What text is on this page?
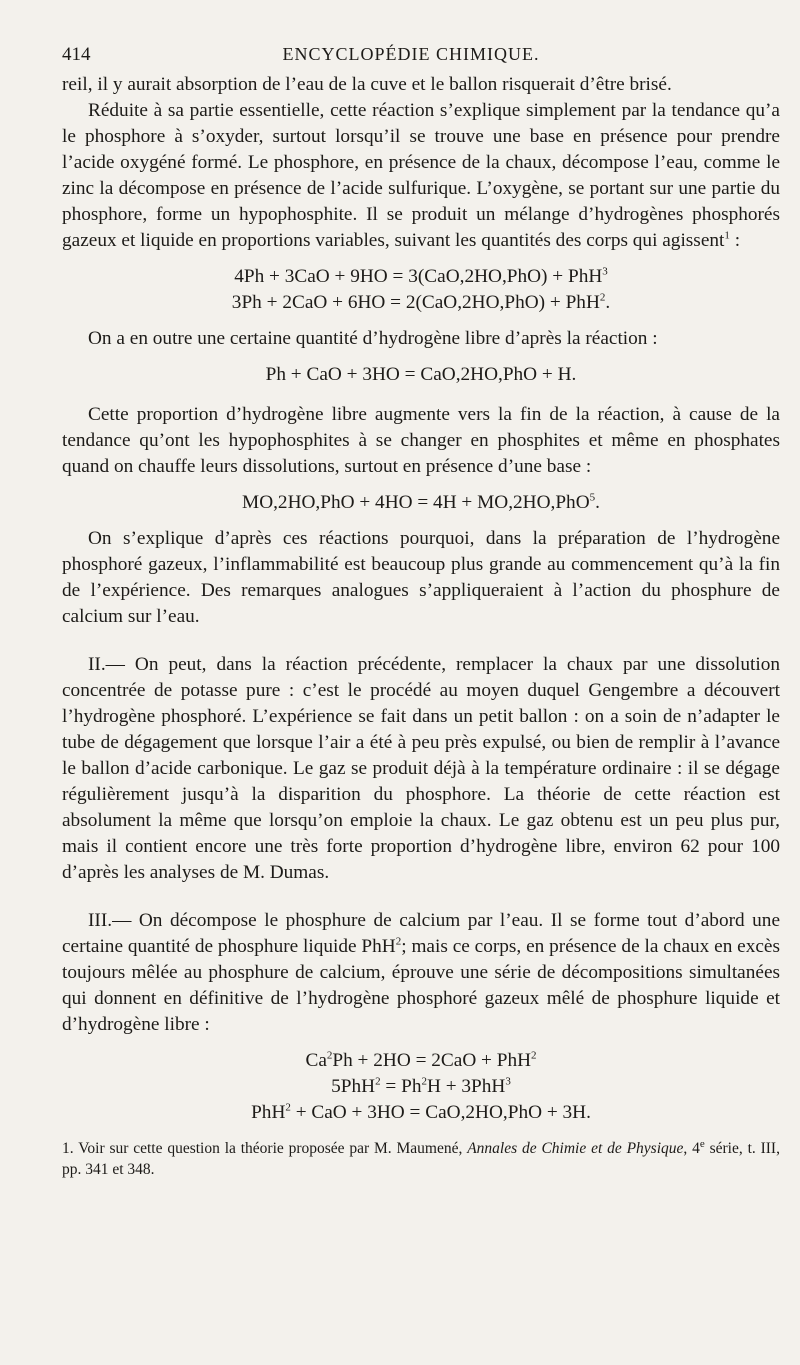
414	ENCYCLOPÉDIE CHIMIQUE.

reil, il y aurait absorption de l’eau de la cuve et le ballon risquerait d’être brisé.

Réduite à sa partie essentielle, cette réaction s’explique simplement par la tendance qu’a le phosphore à s’oxyder, surtout lorsqu’il se trouve une base en présence pour prendre l’acide oxygéné formé. Le phosphore, en présence de la chaux, décompose l’eau, comme le zinc la décompose en présence de l’acide sulfurique. L’oxygène, se portant sur une partie du phosphore, forme un hypophosphite. Il se produit un mélange d’hydrogènes phosphorés gazeux et liquide en proportions variables, suivant les quantités des corps qui agissent$^1$ :

4Ph + 3CaO + 9HO = 3(CaO,2HO,PhO) + PhH$^3$

3Ph + 2CaO + 6HO = 2(CaO,2HO,PhO) + PhH$^2$.

On a en outre une certaine quantité d’hydrogène libre d’après la réaction :

Ph + CaO + 3HO = CaO,2HO,PhO + H.

Cette proportion d’hydrogène libre augmente vers la fin de la réaction, à cause de la tendance qu’ont les hypophosphites à se changer en phosphites et même en phosphates quand on chauffe leurs dissolutions, surtout en présence d’une base :

MO,2HO,PhO + 4HO = 4H + MO,2HO,PhO$^5$.

On s’explique d’après ces réactions pourquoi, dans la préparation de l’hydrogène phosphoré gazeux, l’inflammabilité est beaucoup plus grande au commencement qu’à la fin de l’expérience. Des remarques analogues s’appliqueraient à l’action du phosphure de calcium sur l’eau.

II.— On peut, dans la réaction précédente, remplacer la chaux par une dissolution concentrée de potasse pure : c’est le procédé au moyen duquel Gengembre a découvert l’hydrogène phosphoré. L’expérience se fait dans un petit ballon : on a soin de n’adapter le tube de dégagement que lorsque l’air a été à peu près expulsé, ou bien de remplir à l’avance le ballon d’acide carbonique. Le gaz se produit déjà à la température ordinaire : il se dégage régulièrement jusqu’à la disparition du phosphore. La théorie de cette réaction est absolument la même que lorsqu’on emploie la chaux. Le gaz obtenu est un peu plus pur, mais il contient encore une très forte proportion d’hydrogène libre, environ 62 pour 100 d’après les analyses de M. Dumas.

III.— On décompose le phosphure de calcium par l’eau. Il se forme tout d’abord une certaine quantité de phosphure liquide PhH$^2$; mais ce corps, en présence de la chaux en excès toujours mêlée au phosphure de calcium, éprouve une série de décompositions simultanées qui donnent en définitive de l’hydrogène phosphoré gazeux mêlé de phosphure liquide et d’hydrogène libre :

$Ca^2Ph + 2HO = 2CaO + PhH^2$

$5PhH^2 = Ph^2H + 3PhH^3$

PhH$^2$ + CaO + 3HO = CaO,2HO,PhO + 3H.

1. Voir sur cette question la théorie proposée par M. Maumené, Annales de Chimie et de Physique, 4e série, t. III, pp. 341 et 348.
